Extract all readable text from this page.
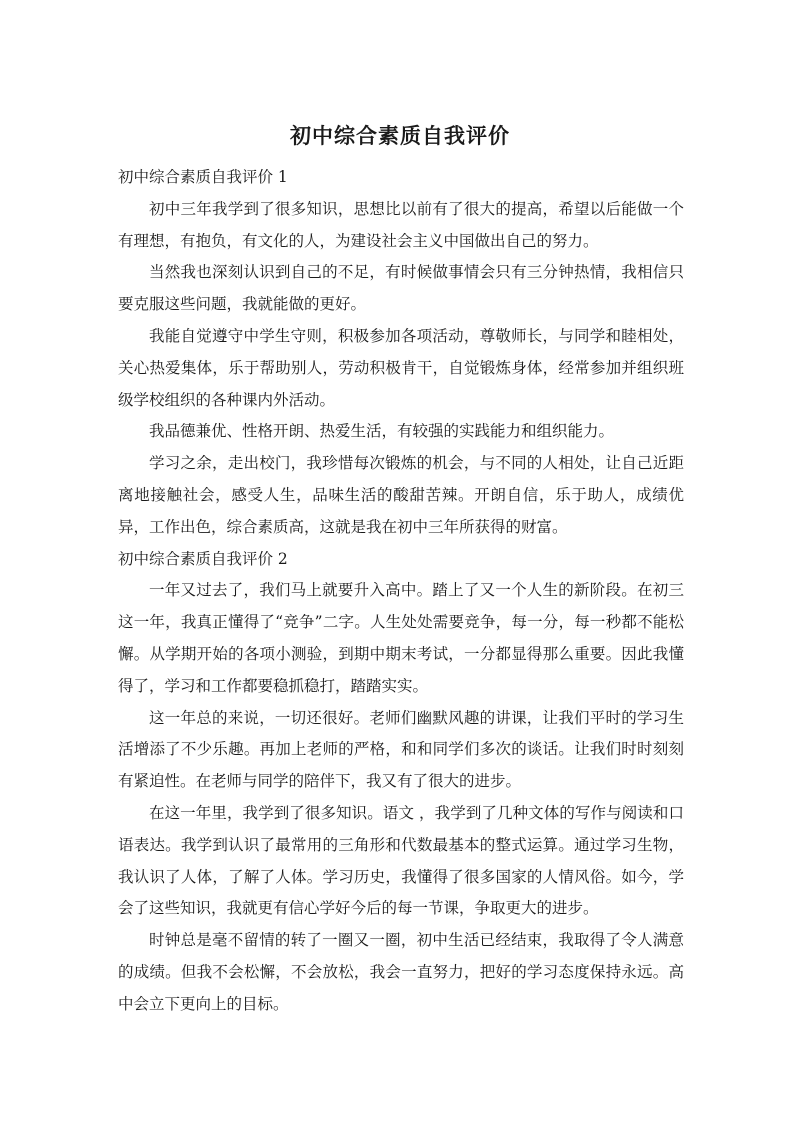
初中综合素质自我评价
初中综合素质自我评价 1

初中三年我学到了很多知识，思想比以前有了很大的提高，希望以后能做一个有理想，有抱负，有文化的人，为建设社会主义中国做出自己的努力。

当然我也深刻认识到自己的不足，有时候做事情会只有三分钟热情，我相信只要克服这些问题，我就能做的更好。

我能自觉遵守中学生守则，积极参加各项活动，尊敬师长，与同学和睦相处，关心热爱集体，乐于帮助别人，劳动积极肯干，自觉锻炼身体，经常参加并组织班级学校组织的各种课内外活动。

我品德兼优、性格开朗、热爱生活，有较强的实践能力和组织能力。

学习之余，走出校门，我珍惜每次锻炼的机会，与不同的人相处，让自己近距离地接触社会，感受人生，品味生活的酸甜苦辣。开朗自信，乐于助人，成绩优异，工作出色，综合素质高，这就是我在初中三年所获得的财富。

初中综合素质自我评价 2

一年又过去了，我们马上就要升入高中。踏上了又一个人生的新阶段。在初三这一年，我真正懂得了“竞争”二字。人生处处需要竞争，每一分，每一秒都不能松懈。从学期开始的各项小测验，到期中期末考试，一分都显得那么重要。因此我懂得了，学习和工作都要稳抓稳打，踏踏实实。

这一年总的来说，一切还很好。老师们幽默风趣的讲课，让我们平时的学习生活增添了不少乐趣。再加上老师的严格，和和同学们多次的谈话。让我们时时刻刻有紧迫性。在老师与同学的陪伴下，我又有了很大的进步。

在这一年里，我学到了很多知识。语文 ，我学到了几种文体的写作与阅读和口语表达。我学到认识了最常用的三角形和代数最基本的整式运算。通过学习生物，我认识了人体，了解了人体。学习历史，我懂得了很多国家的人情风俗。如今，学会了这些知识，我就更有信心学好今后的每一节课，争取更大的进步。

时钟总是毫不留情的转了一圈又一圈，初中生活已经结束，我取得了令人满意的成绩。但我不会松懈，不会放松，我会一直努力，把好的学习态度保持永远。高中会立下更向上的目标。
